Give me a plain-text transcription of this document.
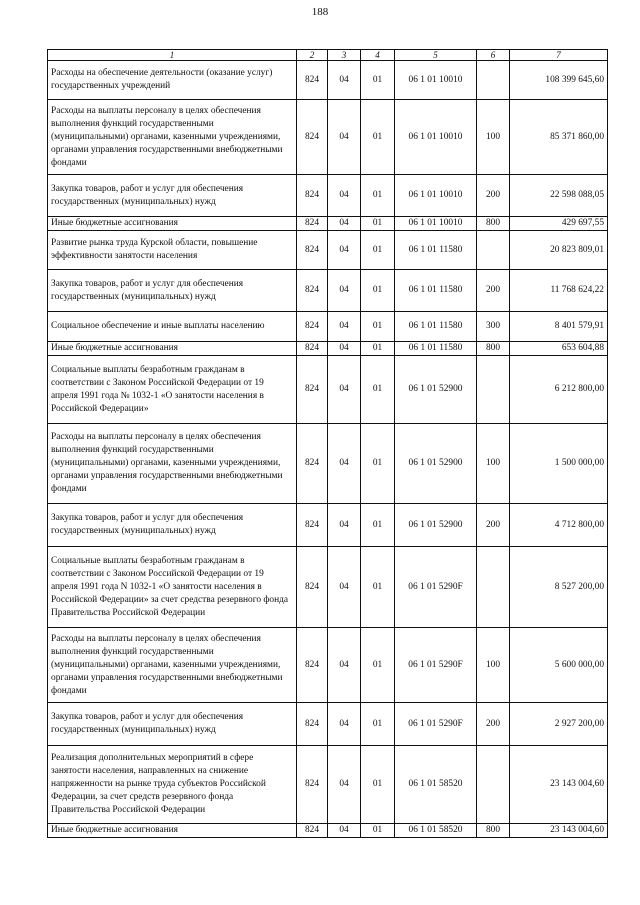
188
1	2	3	4	5	6	7
Расходы на обеспечение деятельности (оказание услуг) государственных учреждений	824	04	01	06 1 01 10010		108 399 645,60
Расходы на выплаты персоналу в целях обеспечения выполнения функций государственными (муниципальными) органами, казенными учреждениями, органами управления государственными внебюджетными фондами	824	04	01	06 1 01 10010	100	85 371 860,00
Закупка товаров, работ и услуг для обеспечения государственных (муниципальных) нужд	824	04	01	06 1 01 10010	200	22 598 088,05
Иные бюджетные ассигнования	824	04	01	06 1 01 10010	800	429 697,55
Развитие рынка труда Курской области, повышение эффективности занятости населения	824	04	01	06 1 01 11580		20 823 809,01
Закупка товаров, работ и услуг для обеспечения государственных (муниципальных) нужд	824	04	01	06 1 01 11580	200	11 768 624,22
Социальное обеспечение и иные выплаты населению	824	04	01	06 1 01 11580	300	8 401 579,91
Иные бюджетные ассигнования	824	04	01	06 1 01 11580	800	653 604,88
Социальные выплаты безработным гражданам в соответствии с Законом Российской Федерации от 19 апреля 1991 года № 1032-1 «О занятости населения в Российской Федерации»	824	04	01	06 1 01 52900		6 212 800,00
Расходы на выплаты персоналу в целях обеспечения выполнения функций государственными (муниципальными) органами, казенными учреждениями, органами управления государственными внебюджетными фондами	824	04	01	06 1 01 52900	100	1 500 000,00
Закупка товаров, работ и услуг для обеспечения государственных (муниципальных) нужд	824	04	01	06 1 01 52900	200	4 712 800,00
Социальные выплаты безработным гражданам в соответствии с Законом Российской Федерации от 19 апреля 1991 года N 1032-1 «О занятости населения в Российской Федерации» за счет средства резервного фонда Правительства Российской Федерации	824	04	01	06 1 01 5290F		8 527 200,00
Расходы на выплаты персоналу в целях обеспечения выполнения функций государственными (муниципальными) органами, казенными учреждениями, органами управления государственными внебюджетными фондами	824	04	01	06 1 01 5290F	100	5 600 000,00
Закупка товаров, работ и услуг для обеспечения государственных (муниципальных) нужд	824	04	01	06 1 01 5290F	200	2 927 200,00
Реализация дополнительных мероприятий в сфере занятости населения, направленных на снижение напряженности на рынке труда субъектов Российской Федерации, за счет средств резервного фонда Правительства Российской Федерации	824	04	01	06 1 01 58520		23 143 004,60
Иные бюджетные ассигнования	824	04	01	06 1 01 58520	800	23 143 004,60
